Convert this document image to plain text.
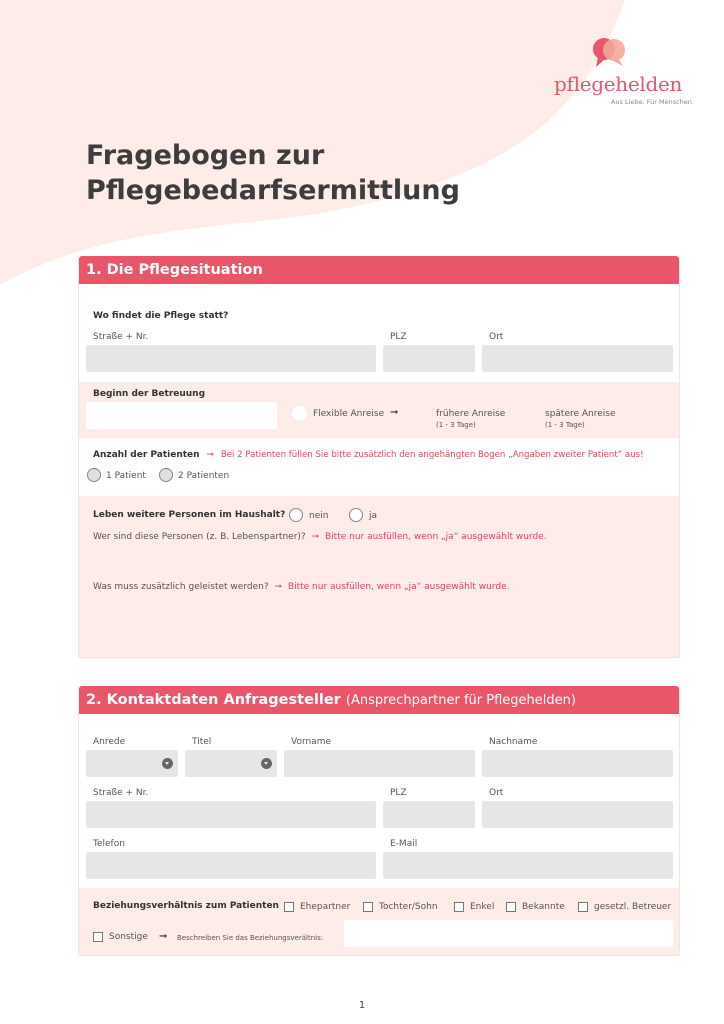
pflegehelden
Aus Liebe. Für Menschen.
Fragebogen zur
Pflegebedarfsermittlung
1. Die Pflegesituation
Wo findet die Pflege statt?
Straße + Nr.	PLZ	Ort
Beginn der Betreuung
Flexible Anreise ➞	frühere Anreise
(1 - 3 Tage)
spätere Anreise
(1 - 3 Tage)
Anzahl der Patienten ➞ Bei 2 Patienten füllen Sie bitte zusätzlich den angehängten Bogen „Angaben zweiter Patient“ aus!
1 Patient	2 Patienten
Leben weitere Personen im Haushalt?	nein	ja
Wer sind diese Personen (z. B. Lebenspartner)? ➞ Bitte nur ausfüllen, wenn „ja“ ausgewählt wurde.
Was muss zusätzlich geleistet werden? ➞ Bitte nur ausfüllen, wenn „ja“ ausgewählt wurde.
2. Kontaktdaten Anfragesteller (Ansprechpartner für Pflegehelden)
Anrede	Titel	Vorname	Nachname
Straße + Nr.	PLZ	Ort
Telefon	E-Mail
Beziehungsverhältnis zum Patienten Ehepartner	Tochter/Sohn	Enkel	Bekannte	gesetzl. Betreuer
Sonstige ➞ Beschreiben Sie das Beziehungsverältnis:
1
